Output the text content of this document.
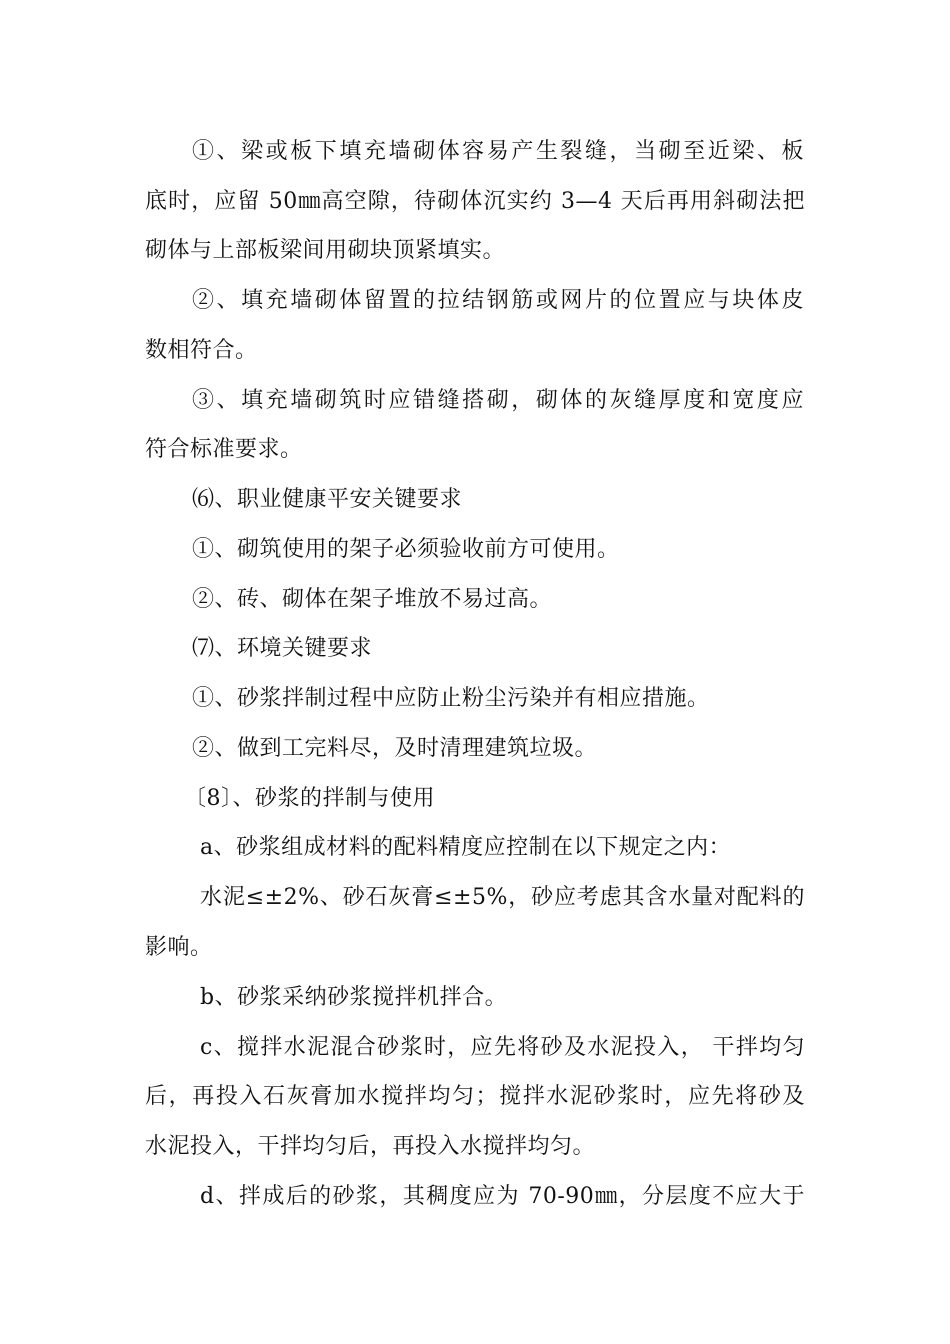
①、梁或板下填充墙砌体容易产生裂缝，当砌至近梁、板
底时，应留 50㎜高空隙，待砌体沉实约 3—4 天后再用斜砌法把
砌体与上部板梁间用砌块顶紧填实。
②、填充墙砌体留置的拉结钢筋或网片的位置应与块体皮
数相符合。
③、填充墙砌筑时应错缝搭砌，砌体的灰缝厚度和宽度应
符合标准要求。
⑹、职业健康平安关键要求
①、砌筑使用的架子必须验收前方可使用。
②、砖、砌体在架子堆放不易过高。
⑺、环境关键要求
①、砂浆拌制过程中应防止粉尘污染并有相应措施。
②、做到工完料尽，及时清理建筑垃圾。
〔8〕、砂浆的拌制与使用
a、砂浆组成材料的配料精度应控制在以下规定之内：
水泥≤±2%、砂石灰膏≤±5%，砂应考虑其含水量对配料的
影响。
b、砂浆采纳砂浆搅拌机拌合。
c、搅拌水泥混合砂浆时，应先将砂及水泥投入， 干拌均匀
后，再投入石灰膏加水搅拌均匀；搅拌水泥砂浆时，应先将砂及
水泥投入，干拌均匀后，再投入水搅拌均匀。
d、拌成后的砂浆，其稠度应为 70-90㎜，分层度不应大于
